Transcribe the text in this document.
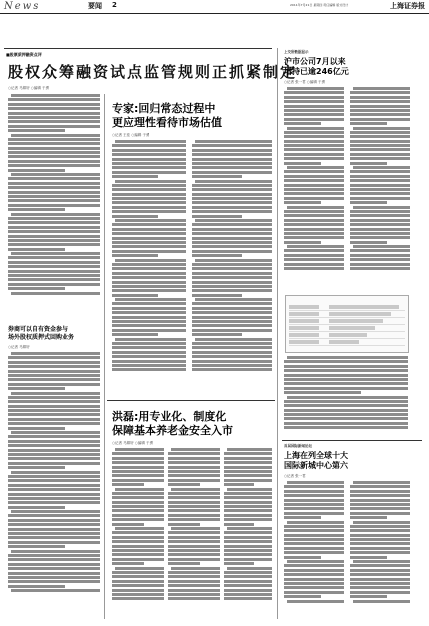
News	要闻 2	2011年7月21日 星期四 责任编辑 版式设计	上海证券报
■股票质押融资点评
股权众筹融资试点监管规则正抓紧制定
○记者 马婧妤 ○编辑 于勇
券商可以自有资金参与
场外股权质押式回购业务
○记者 马婧妤
专家:回归常态过程中
更应理性看待市场估值
○记者 王佳 ○编辑 于勇
洪磊:用专业化、制度化
保障基本养老金安全入市
○记者 马婧妤 ○编辑 于勇
上交所数据显示
沪市公司7月以来
增持已逾246亿元
○记者 张一君 ○编辑 于勇
首届国际新闻论坛
上海在列全球十大
国际新城中心第六
○记者 张一君
